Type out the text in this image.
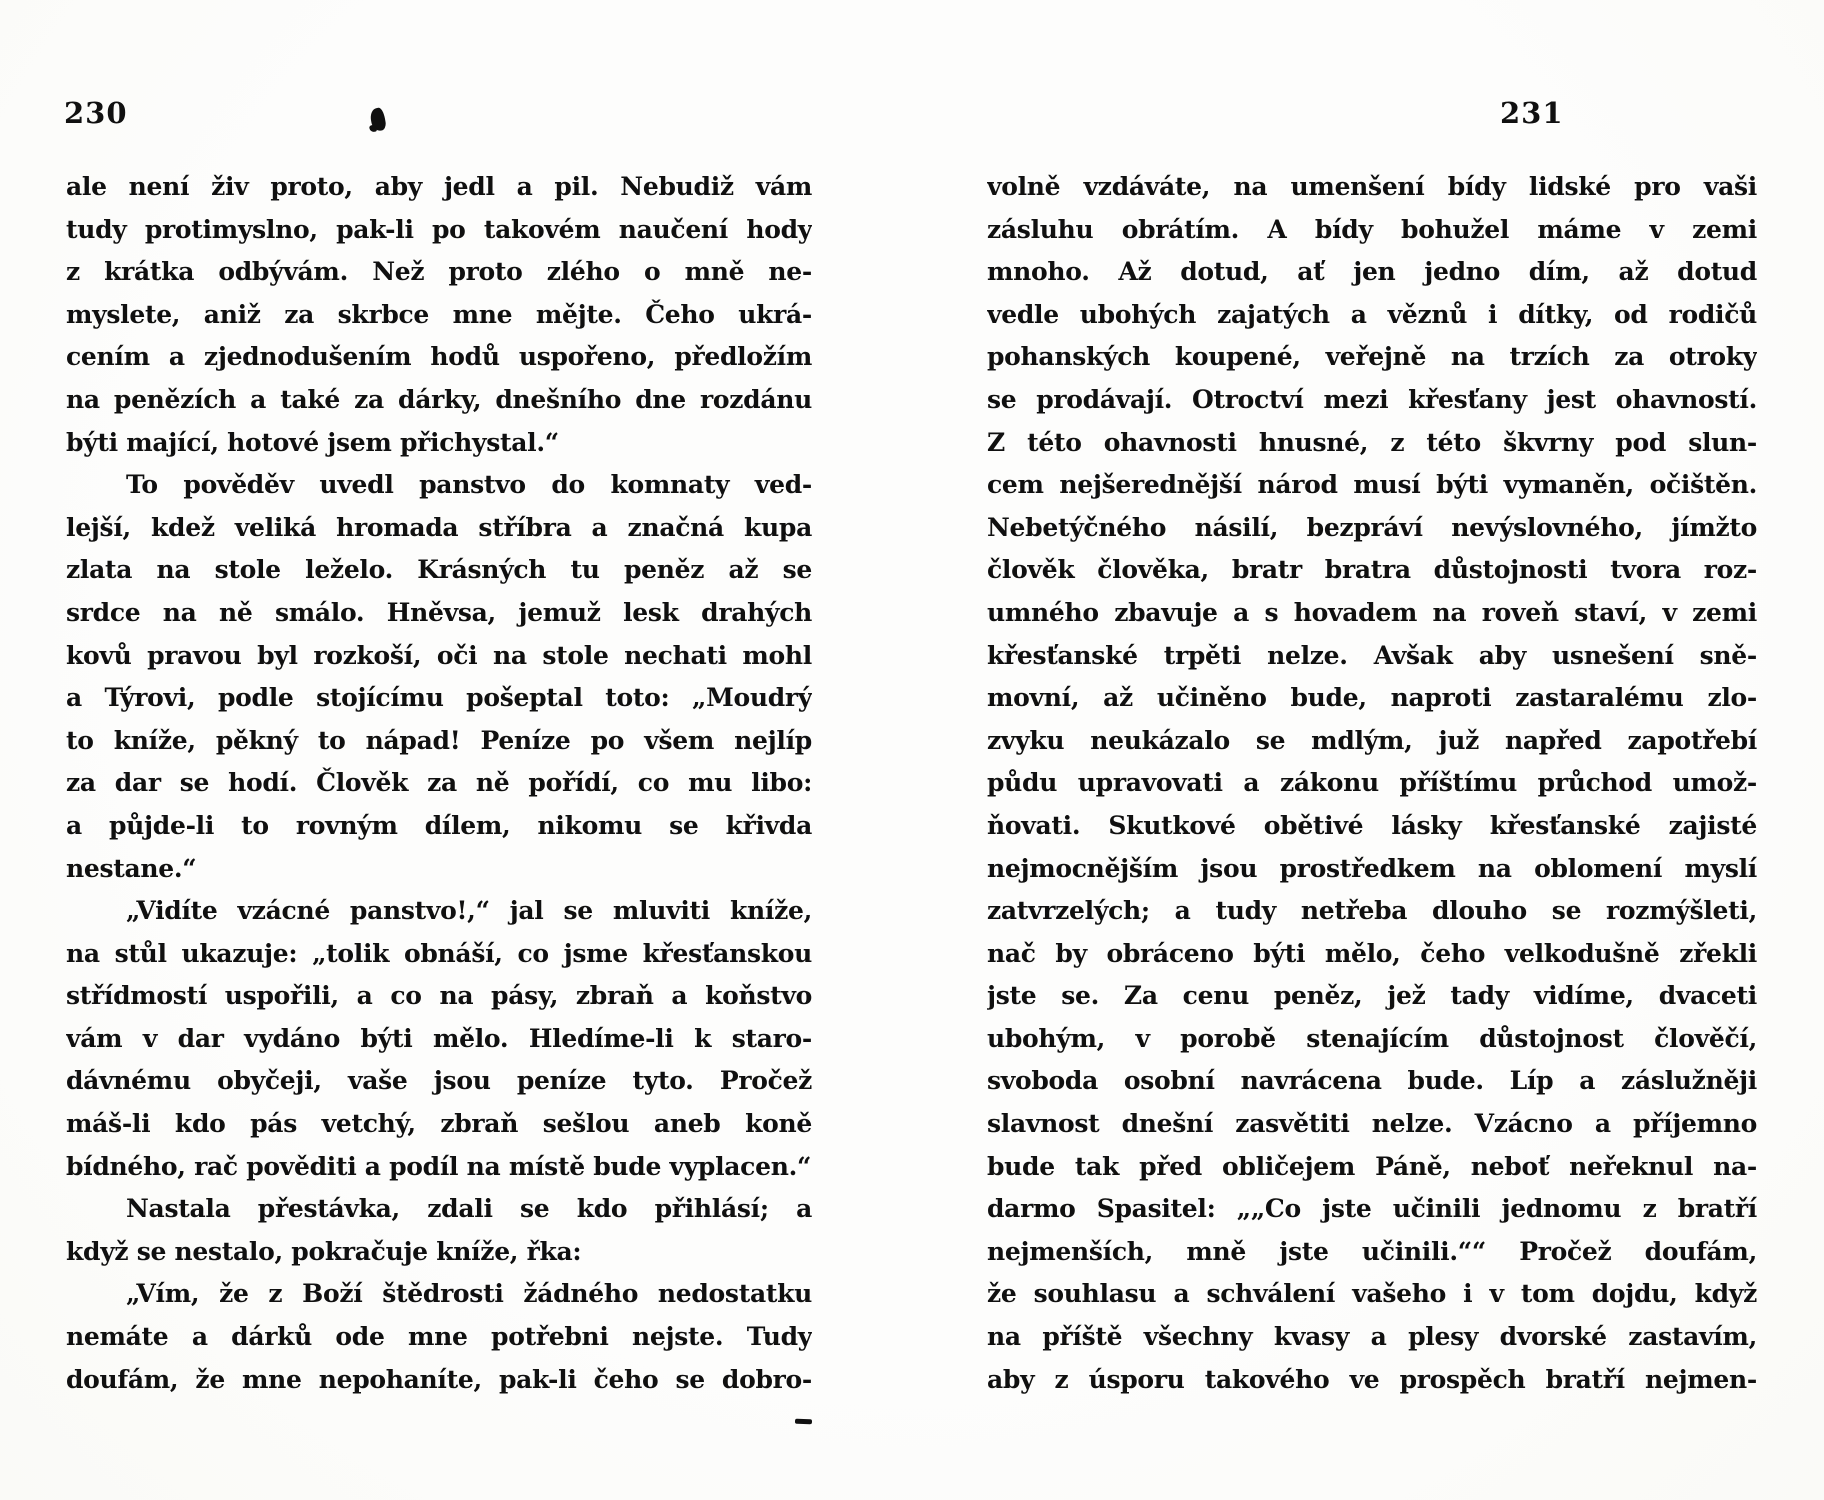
230	231
ale není živ proto, aby jedl a pil. Nebudiž vám
tudy protimyslno, pak-li po takovém naučení hody
z krátka odbývám. Než proto zlého o mně ne-
myslete, aniž za skrbce mne mějte. Čeho ukrá-
cením a zjednodušením hodů uspořeno, předložím
na penězích a také za dárky, dnešního dne rozdánu
býti mající, hotové jsem přichystal.“
To pověděv uvedl panstvo do komnaty ved-
lejší, kdež veliká hromada stříbra a značná kupa
zlata na stole leželo. Krásných tu peněz až se
srdce na ně smálo. Hněvsa, jemuž lesk drahých
kovů pravou byl rozkoší, oči na stole nechati mohl
a Týrovi, podle stojícímu pošeptal toto: „Moudrý
to kníže, pěkný to nápad! Peníze po všem nejlíp
za dar se hodí. Člověk za ně pořídí, co mu libo:
a půjde-li to rovným dílem, nikomu se křivda
nestane.“
„Vidíte vzácné panstvo!,“ jal se mluviti kníže,
na stůl ukazuje: „tolik obnáší, co jsme křesťanskou
střídmostí uspořili, a co na pásy, zbraň a koňstvo
vám v dar vydáno býti mělo. Hledíme-li k staro-
dávnému obyčeji, vaše jsou peníze tyto. Pročež
máš-li kdo pás vetchý, zbraň sešlou aneb koně
bídného, rač pověditi a podíl na místě bude vyplacen.“
Nastala přestávka, zdali se kdo přihlásí; a
když se nestalo, pokračuje kníže, řka:
„Vím, že z Boží štědrosti žádného nedostatku
nemáte a dárků ode mne potřebni nejste. Tudy
doufám, že mne nepohaníte, pak-li čeho se dobro-
volně vzdáváte, na umenšení bídy lidské pro vaši
zásluhu obrátím. A bídy bohužel máme v zemi
mnoho. Až dotud, ať jen jedno dím, až dotud
vedle ubohých zajatých a věznů i dítky, od rodičů
pohanských koupené, veřejně na trzích za otroky
se prodávají. Otroctví mezi křesťany jest ohavností.
Z této ohavnosti hnusné, z této škvrny pod slun-
cem nejšerednější národ musí býti vymaněn, očištěn.
Nebetýčného násilí, bezpráví nevýslovného, jímžto
člověk člověka, bratr bratra důstojnosti tvora roz-
umného zbavuje a s hovadem na roveň staví, v zemi
křesťanské trpěti nelze. Avšak aby usnešení sně-
movní, až učiněno bude, naproti zastaralému zlo-
zvyku neukázalo se mdlým, juž napřed zapotřebí
půdu upravovati a zákonu příštímu průchod umož-
ňovati. Skutkové obětivé lásky křesťanské zajisté
nejmocnějším jsou prostředkem na oblomení myslí
zatvrzelých; a tudy netřeba dlouho se rozmýšleti,
nač by obráceno býti mělo, čeho velkodušně zřekli
jste se. Za cenu peněz, jež tady vidíme, dvaceti
ubohým, v porobě stenajícím důstojnost člověčí,
svoboda osobní navrácena bude. Líp a záslužněji
slavnost dnešní zasvětiti nelze. Vzácno a příjemno
bude tak před obličejem Páně, neboť neřeknul na-
darmo Spasitel: „„Co jste učinili jednomu z bratří
nejmenších, mně jste učinili.““ Pročež doufám,
že souhlasu a schválení vašeho i v tom dojdu, když
na příště všechny kvasy a plesy dvorské zastavím,
aby z úsporu takového ve prospěch bratří nejmen-
